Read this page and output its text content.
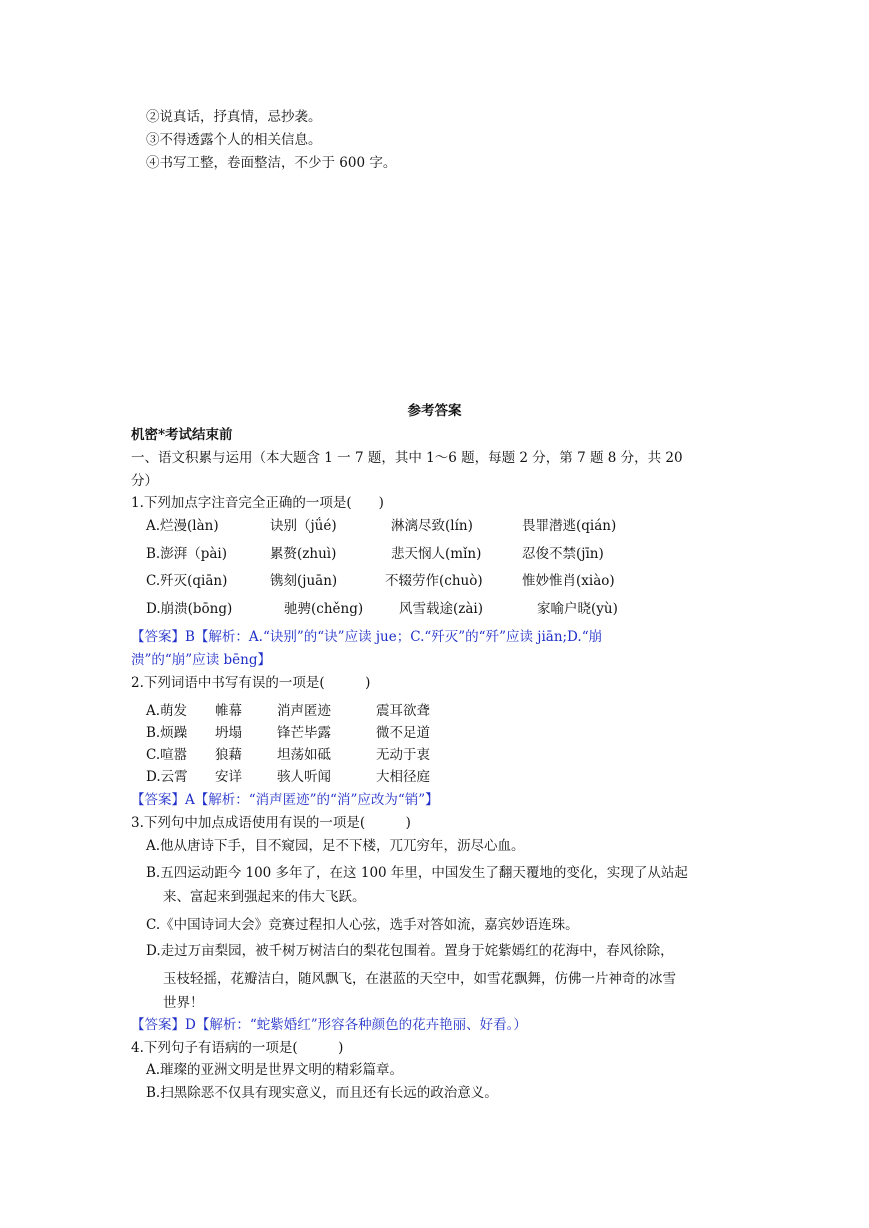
②说真话，抒真情，忌抄袭。
③不得透露个人的相关信息。
④书写工整，卷面整洁，不少于 600 字。
参考答案
机密*考试结束前
一、语文积累与运用（本大题含 1 一 7 题，其中 1～6 题，每题 2 分，第 7 题 8 分，共 20
分）
1.下列加点字注音完全正确的一项是(　　)
A.烂漫(làn)	诀别（jǘé)	淋漓尽致(lín)	畏罪潜逃(qián)
B.澎湃（pài)	累赘(zhuì)	悲天悯人(mǐn)	忍俊不禁(jīn)
C.歼灭(qiān)	镌刻(juān)	不辍劳作(chuò)	惟妙惟肖(xiào)
D.崩溃(bōng)	驰骋(chěng)	风雪载途(zài)	家喻户晓(yù)
【答案】B【解析：A.“诀别”的“诀”应读 jue；C.“歼灭”的“歼”应读 jiān;D.“崩
溃”的“崩”应读 bēng】
2.下列词语中书写有误的一项是(　　　)
A.萌发 帷幕	消声匿迹	震耳欲聋
B.烦躁 坍塌	锋芒毕露	微不足道
C.喧嚣 狼藉	坦荡如砥	无动于衷
D.云霄 安详	骇人听闻	大相径庭
【答案】A【解析：“消声匿迹”的“消”应改为“销”】
3.下列句中加点成语使用有误的一项是(　　　)
A.他从唐诗下手，目不窥园，足不下楼，兀兀穷年，沥尽心血。
B.五四运动距今 100 多年了，在这 100 年里，中国发生了翻天覆地的变化，实现了从站起
来、富起来到强起来的伟大飞跃。
C.《中国诗词大会》竞赛过程扣人心弦，选手对答如流，嘉宾妙语连珠。
D.走过万亩梨园，被千树万树洁白的梨花包围着。置身于姹紫嫣红的花海中，春风徐除，
玉枝轻摇，花瓣洁白，随风飘飞，在湛蓝的天空中，如雪花飘舞，仿佛一片神奇的冰雪
世界！
【答案】D【解析：“蛇紫婚红”形容各种颜色的花卉艳丽、好看。）
4.下列句子有语病的一项是(　　　)
A.璀璨的亚洲文明是世界文明的精彩篇章。
B.扫黑除恶不仅具有现实意义，而且还有长远的政治意义。
